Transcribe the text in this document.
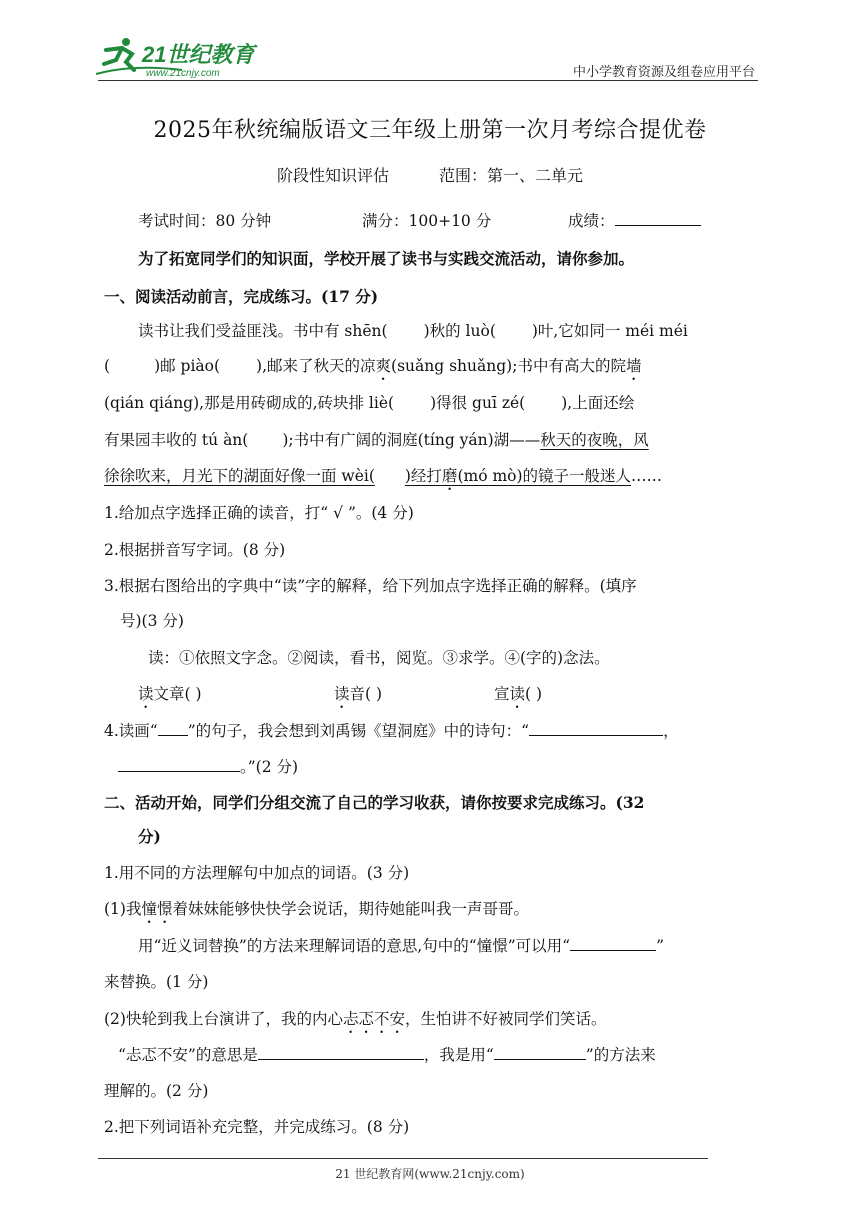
21世纪教育
www.21cnjy.com	中小学教育资源及组卷应用平台
2025年秋统编版语文三年级上册第一次月考综合提优卷
阶段性知识评估	范围：第一、二单元
考试时间：80 分钟	满分：100+10 分	成绩：
为了拓宽同学们的知识面，学校开展了读书与实践交流活动，请你参加。
一、阅读活动前言，完成练习。(17 分)
读书让我们受益匪浅。书中有 shēn( )秋的 luò( )叶,它如同一 méi méi
(	)邮 piào( ),邮来了秋天的凉爽(suǎng shuǎng);书中有高大的院墙
(qián qiáng),那是用砖砌成的,砖块排 liè( )得很 guī zé( ),上面还绘
有果园丰收的 tú àn( );书中有广阔的洞庭(tíng yán)湖——秋天的夜晚，风
徐徐吹来，月光下的湖面好像一面 wèi( )经打磨(mó mò)的镜子一般迷人……
1.给加点字选择正确的读音，打“ √ ”。(4 分)
2.根据拼音写字词。(8 分)
3.根据右图给出的字典中“读”字的解释，给下列加点字选择正确的解释。(填序
号)(3 分)
读：①依照文字念。②阅读，看书，阅览。③求学。④(字的)念法。
读文章( )	读音( )	宣读( )
4.读画“ ”的句子，我会想到刘禹锡《望洞庭》中的诗句：“	，
。”(2 分)
二、活动开始，同学们分组交流了自己的学习收获，请你按要求完成练习。(32
分)
1.用不同的方法理解句中加点的词语。(3 分)
(1)我憧憬着妹妹能够快快学会说话，期待她能叫我一声哥哥。
用“近义词替换”的方法来理解词语的意思,句中的“憧憬”可以用“	”
来替换。(1 分)
(2)快轮到我上台演讲了，我的内心忐忑不安，生怕讲不好被同学们笑话。
“忐忑不安”的意思是	，我是用“	”的方法来
理解的。(2 分)
2.把下列词语补充完整，并完成练习。(8 分)
21 世纪教育网(www.21cnjy.com)
